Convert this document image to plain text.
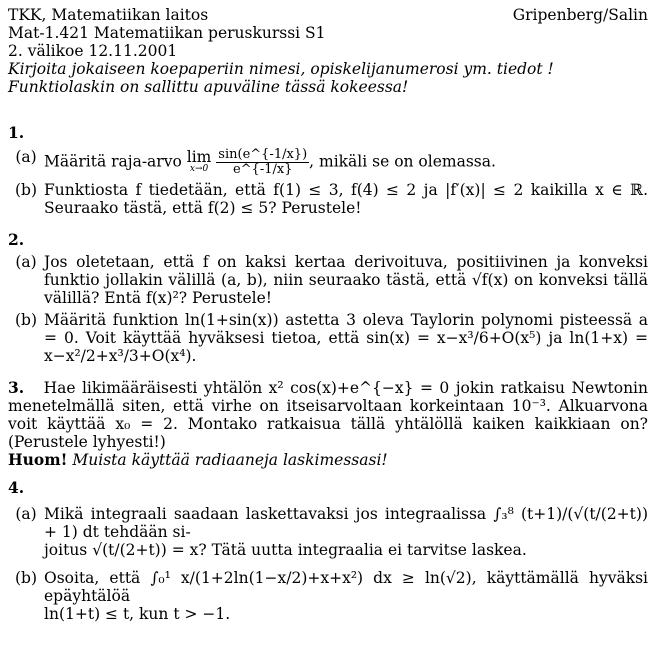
TKK, Matematiikan laitos	Gripenberg/Salin
Mat-1.421 Matematiikan peruskurssi S1
2. välikoe 12.11.2001
Kirjoita jokaiseen koepaperiin nimesi, opiskelijanumerosi ym. tiedot !
Funktiolaskin on sallittu apuväline tässä kokeessa!
1.
(a) Määritä raja-arvo lim
x→0
$\frac{\sin(e\^{}\{-1/x\})}{e\^{}\{-1/x\}}$ , mikäli se on olemassa.
(b) Funktiosta f tiedetään, että f(1) ≤ 3, f(4) ≤ 2 ja |f′(x)| ≤ 2 kaikilla x ∈ ℝ. Seuraako tästä, että f(2) ≤ 5? Perustele!
2.
(a) Jos oletetaan, että f on kaksi kertaa derivoituva, positiivinen ja konveksi funktio jollakin välillä (a, b), niin seuraako tästä, että √f(x) on konveksi tällä välillä? Entä f(x)²? Perustele!
(b) Määritä funktion ln(1+sin(x)) astetta 3 oleva Taylorin polynomi pisteessä a = 0. Voit käyttää hyväksesi tietoa, että sin(x) = x−x³/6+O(x⁵) ja ln(1+x) = x−x²/2+x³/3+O(x⁴).
3. Hae likimääräisesti yhtälön x² cos(x)+e^{−x} = 0 jokin ratkaisu Newtonin menetelmällä siten, että virhe on itseisarvoltaan korkeintaan 10⁻³. Alkuarvona voit käyttää x₀ = 2. Montako ratkaisua tällä yhtälöllä kaiken kaikkiaan on? (Perustele lyhyesti!)
Huom! Muista käyttää radiaaneja laskimessasi!
4.
(a) Mikä integraali saadaan laskettavaksi jos integraalissa ∫₃⁸ (t+1)/(√(t/(2+t)) + 1) dt tehdään si-
joitus √(t/(2+t)) = x? Tätä uutta integraalia ei tarvitse laskea.
(b) Osoita, että ∫₀¹ x/(1+2ln(1−x/2)+x+x²) dx ≥ ln(√2), käyttämällä hyväksi epäyhtälöä
ln(1+t) ≤ t, kun t > −1.
